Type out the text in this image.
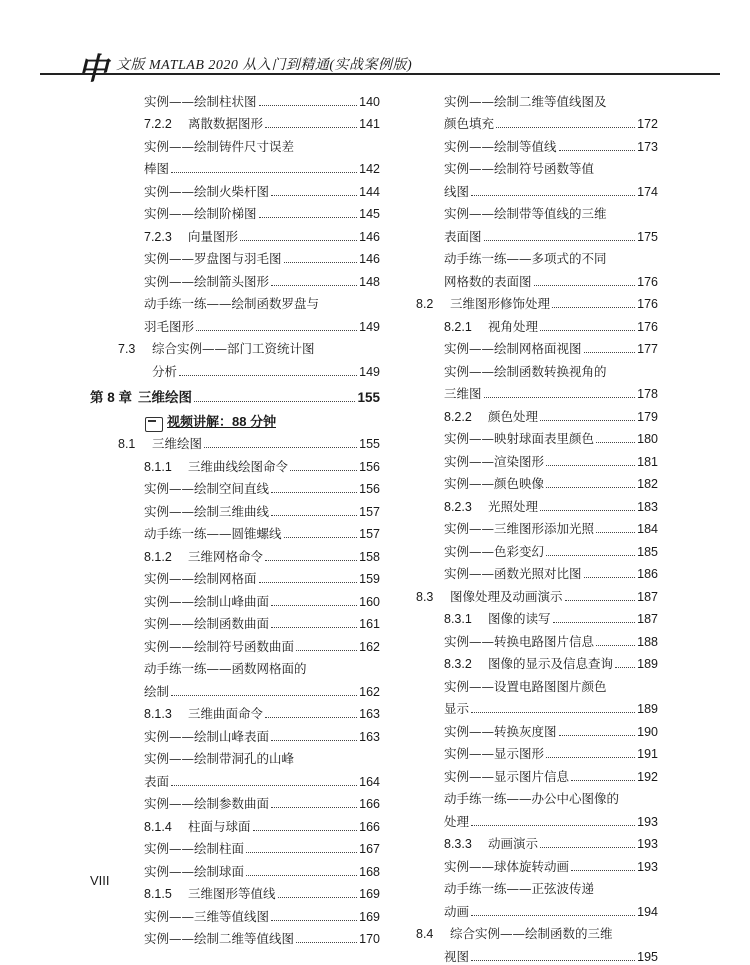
中 文版 MATLAB 2020 从入门到精通(实战案例版)
实例——绘制柱状图	140
7.2.2	离散数据图形	141
实例——绘制铸件尺寸误差
棒图	142
实例——绘制火柴杆图	144
实例——绘制阶梯图	145
7.2.3	向量图形	146
实例——罗盘图与羽毛图	146
实例——绘制箭头图形	148
动手练一练——绘制函数罗盘与
羽毛图形	149
7.3	综合实例——部门工资统计图
分析	149
第 8 章 三维绘图	155
视频讲解：88 分钟
8.1	三维绘图	155
8.1.1	三维曲线绘图命令	156
实例——绘制空间直线	156
实例——绘制三维曲线	157
动手练一练——圆锥螺线	157
8.1.2	三维网格命令	158
实例——绘制网格面	159
实例——绘制山峰曲面	160
实例——绘制函数曲面	161
实例——绘制符号函数曲面	162
动手练一练——函数网格面的
绘制	162
8.1.3	三维曲面命令	163
实例——绘制山峰表面	163
实例——绘制带洞孔的山峰
表面	164
实例——绘制参数曲面	166
8.1.4	柱面与球面	166
实例——绘制柱面	167
实例——绘制球面	168
8.1.5	三维图形等值线	169
实例——三维等值线图	169
实例——绘制二维等值线图	170
实例——绘制二维等值线图及
颜色填充	172
实例——绘制等值线	173
实例——绘制符号函数等值
线图	174
实例——绘制带等值线的三维
表面图	175
动手练一练——多项式的不同
网格数的表面图	176
8.2	三维图形修饰处理	176
8.2.1	视角处理	176
实例——绘制网格面视图	177
实例——绘制函数转换视角的
三维图	178
8.2.2	颜色处理	179
实例——映射球面表里颜色	180
实例——渲染图形	181
实例——颜色映像	182
8.2.3	光照处理	183
实例——三维图形添加光照	184
实例——色彩变幻	185
实例——函数光照对比图	186
8.3	图像处理及动画演示	187
8.3.1	图像的读写	187
实例——转换电路图片信息	188
8.3.2	图像的显示及信息查询 189
实例——设置电路图图片颜色
显示	189
实例——转换灰度图	190
实例——显示图形	191
实例——显示图片信息	192
动手练一练——办公中心图像的
处理	193
8.3.3	动画演示	193
实例——球体旋转动画	193
动手练一练——正弦波传递
动画	194
8.4	综合实例——绘制函数的三维
视图	195
VIII
